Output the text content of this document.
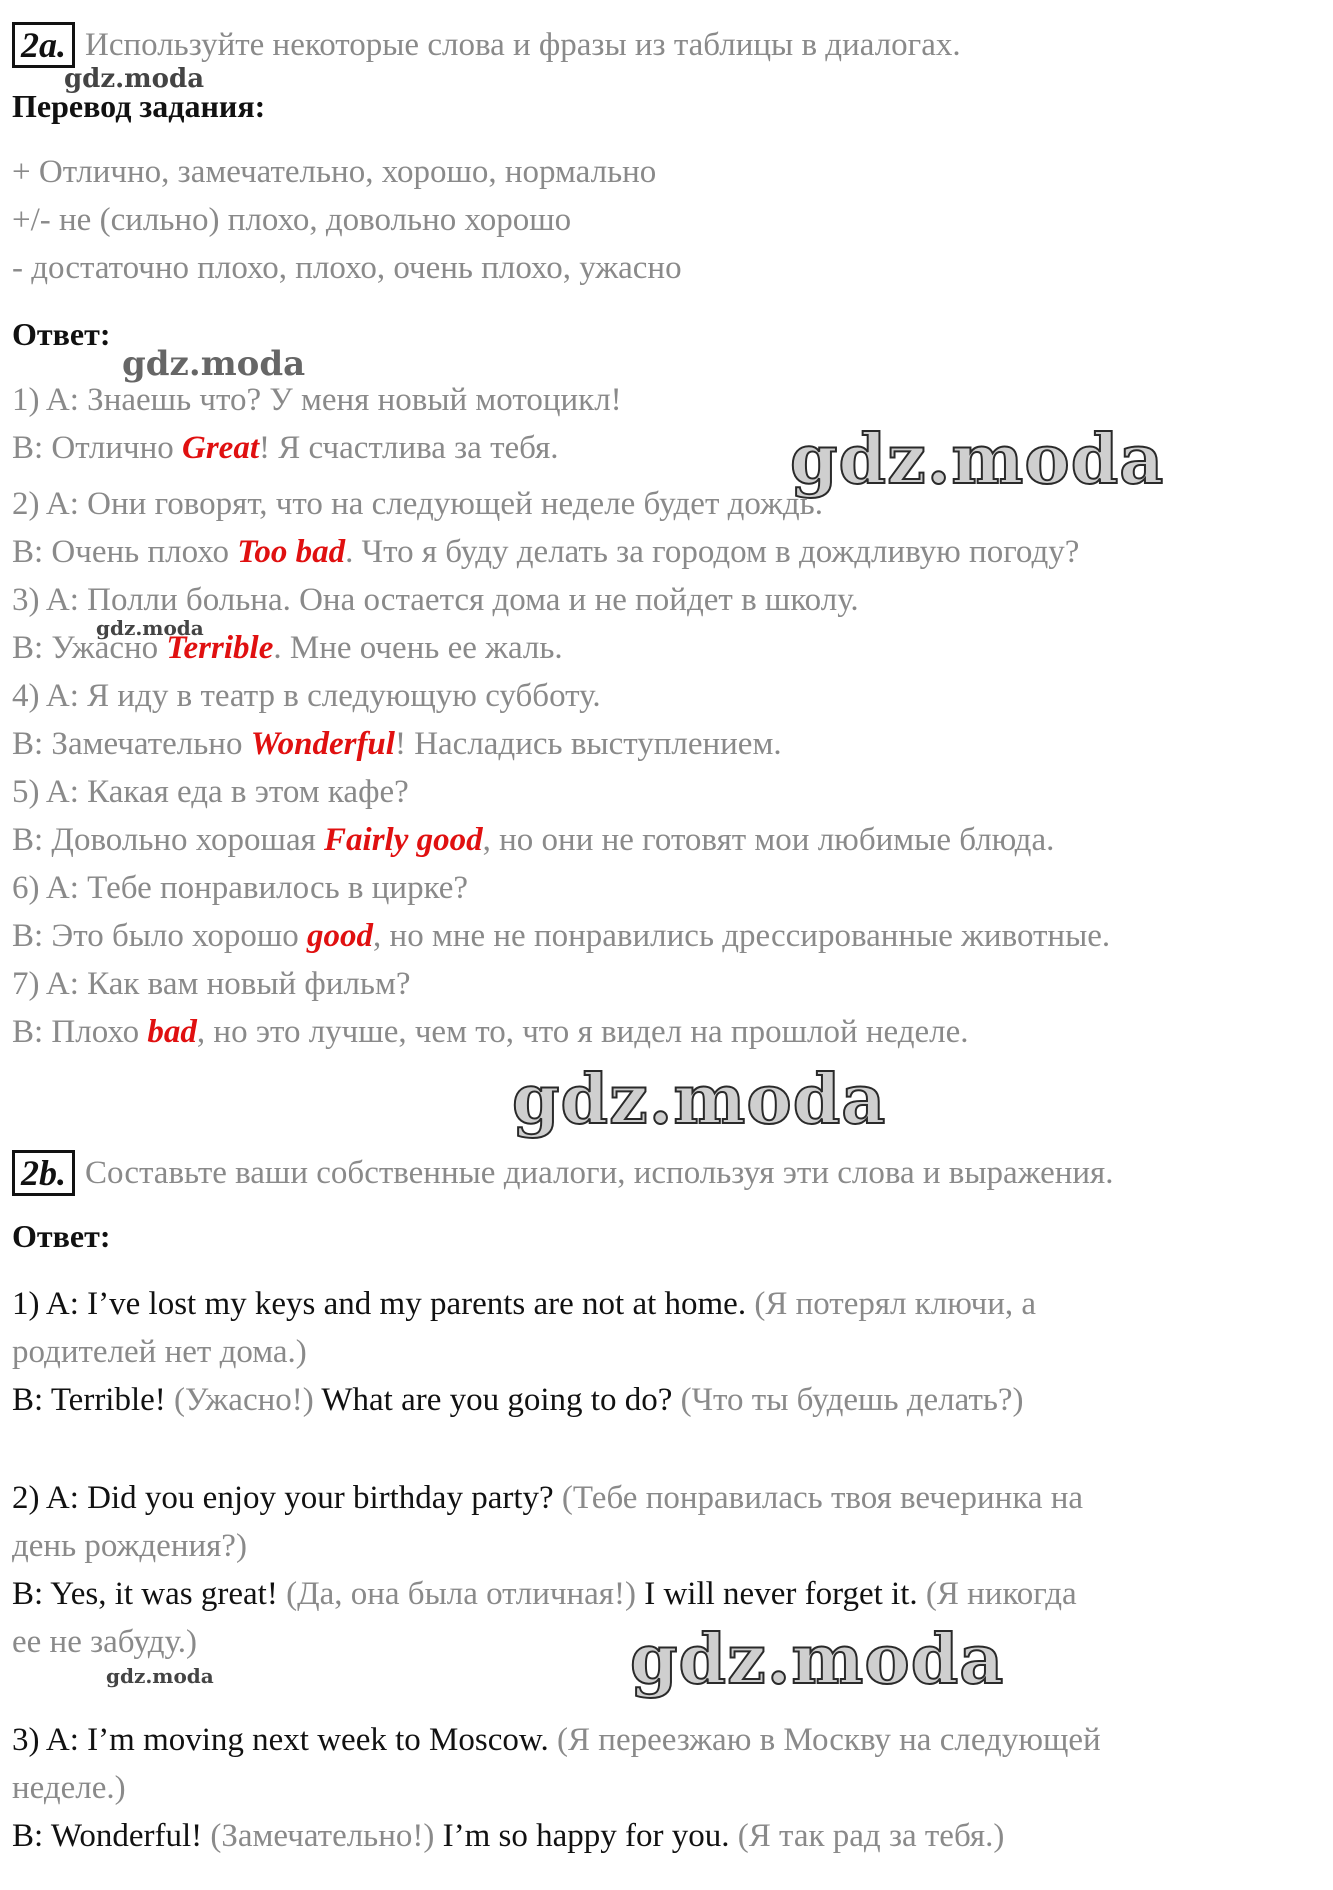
2a. Используйте некоторые слова и фразы из таблицы в диалогах.
Перевод задания:
+ Отлично, замечательно, хорошо, нормально
+/- не (сильно) плохо, довольно хорошо
- достаточно плохо, плохо, очень плохо, ужасно
Ответ:
1) A: Знаешь что? У меня новый мотоцикл!
B: Отлично Great! Я счастлива за тебя.
2) A: Они говорят, что на следующей неделе будет дождь.
B: Очень плохо Too bad. Что я буду делать за городом в дождливую погоду?
3) A: Полли больна. Она остается дома и не пойдет в школу.
B: Ужасно Terrible. Мне очень ее жаль.
4) A: Я иду в театр в следующую субботу.
B: Замечательно Wonderful! Насладись выступлением.
5) A: Какая еда в этом кафе?
B: Довольно хорошая Fairly good, но они не готовят мои любимые блюда.
6) A: Тебе понравилось в цирке?
B: Это было хорошо good, но мне не понравились дрессированные животные.
7) A: Как вам новый фильм?
B: Плохо bad, но это лучше, чем то, что я видел на прошлой неделе.
2b. Составьте ваши собственные диалоги, используя эти слова и выражения.
Ответ:
1) A: I’ve lost my keys and my parents are not at home. (Я потерял ключи, а
родителей нет дома.)
B: Terrible! (Ужасно!) What are you going to do? (Что ты будешь делать?)
2) A: Did you enjoy your birthday party? (Тебе понравилась твоя вечеринка на
день рождения?)
B: Yes, it was great! (Да, она была отличная!) I will never forget it. (Я никогда
ее не забуду.)
3) A: I’m moving next week to Moscow. (Я переезжаю в Москву на следующей
неделе.)
B: Wonderful! (Замечательно!) I’m so happy for you. (Я так рад за тебя.)
gdz.moda
gdz.moda
gdz.moda
gdz.moda
gdz.moda
gdz.moda
gdz.moda
